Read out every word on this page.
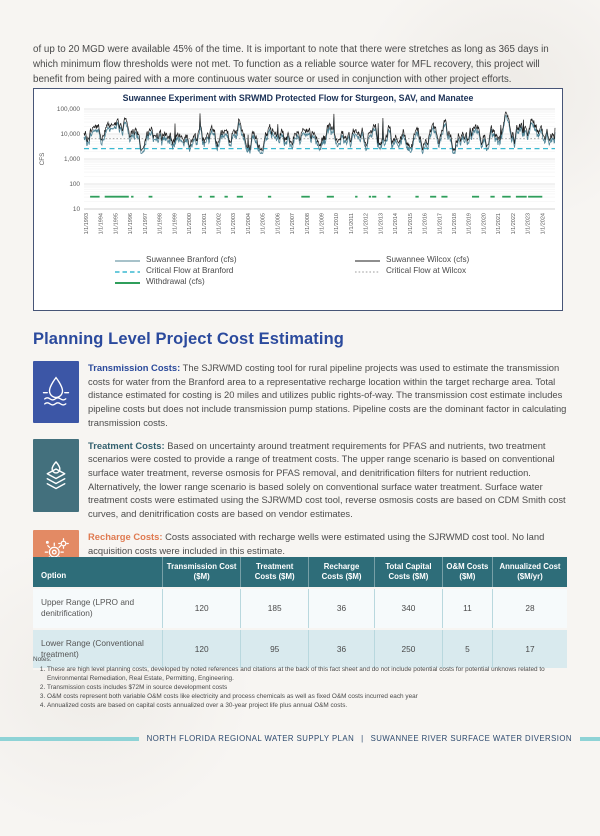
of up to 20 MGD were available 45% of the time. It is important to note that there were stretches as long as 365 days in which minimum flow thresholds were not met. To function as a reliable source water for MFL recovery, this project will benefit from being paired with a more continuous water source or used in conjunction with other project efforts.

Suwannee Experiment with SRWMD Protected Flow for Sturgeon, SAV, and Manatee
100,000
10,000
1,000
100
10
CFS
1/1/1993 1/1/1994 1/1/1995 1/1/1996 1/1/1997 1/1/1998 1/1/1999 1/1/2000 1/1/2001 1/1/2002 1/1/2003 1/1/2004 1/1/2005 1/1/2006 1/1/2007 1/1/2008 1/1/2009 1/1/2010 1/1/2011 1/1/2012 1/1/2013 1/1/2014 1/1/2015 1/1/2016 1/1/2017 1/1/2018 1/1/2019 1/1/2020 1/1/2021 1/1/2022 1/1/2023 1/1/2024
Suwannee Branford (cfs)
Critical Flow at Branford
Withdrawal (cfs)
Suwannee Wilcox (cfs)
Critical Flow at Wilcox
Planning Level Project Cost Estimating
Transmission Costs: The SJRWMD costing tool for rural pipeline projects was used to estimate the transmission costs for water from the Branford area to a representative recharge location within the target recharge area. Total distance estimated for costing is 20 miles and utilizes public rights-of-way. The transmission cost estimate includes pipeline costs but does not include transmission pump stations. Pipeline costs are the dominant factor in calculating transmission costs.
Treatment Costs: Based on uncertainty around treatment requirements for PFAS and nutrients, two treatment scenarios were costed to provide a range of treatment costs. The upper range scenario is based on conventional surface water treatment, reverse osmosis for PFAS removal, and denitrification filters for nutrient reduction. Alternatively, the lower range scenario is based solely on conventional surface water treatment. Surface water treatment costs were estimated using the SJRWMD cost tool, reverse osmosis costs are based on CDM Smith cost curves, and denitrification costs are based on vendor estimates.
Recharge Costs: Costs associated with recharge wells were estimated using the SJRWMD cost tool. No land acquisition costs were included in this estimate.
Option	Transmission Cost ($M)	Treatment Costs ($M)	Recharge Costs ($M)	Total Capital Costs ($M)	O&M Costs ($M)	Annualized Cost ($M/yr)
Upper Range (LPRO and denitrification)	120	185	36	340	11	28
Lower Range (Conventional treatment)	120	95	36	250	5	17
Notes:
1. These are high level planning costs, developed by noted references and citations at the back of this fact sheet and do not include potential costs for potential unknows related to Environmental Remediation, Real Estate, Permitting, Engineering.
2. Transmission costs includes $72M in source development costs
3. O&M costs represent both variable O&M costs like electricity and process chemicals as well as fixed O&M costs incurred each year
4. Annualized costs are based on capital costs annualized over a 30-year project life plus annual O&M costs.
NORTH FLORIDA REGIONAL WATER SUPPLY PLAN | SUWANNEE RIVER SURFACE WATER DIVERSION
